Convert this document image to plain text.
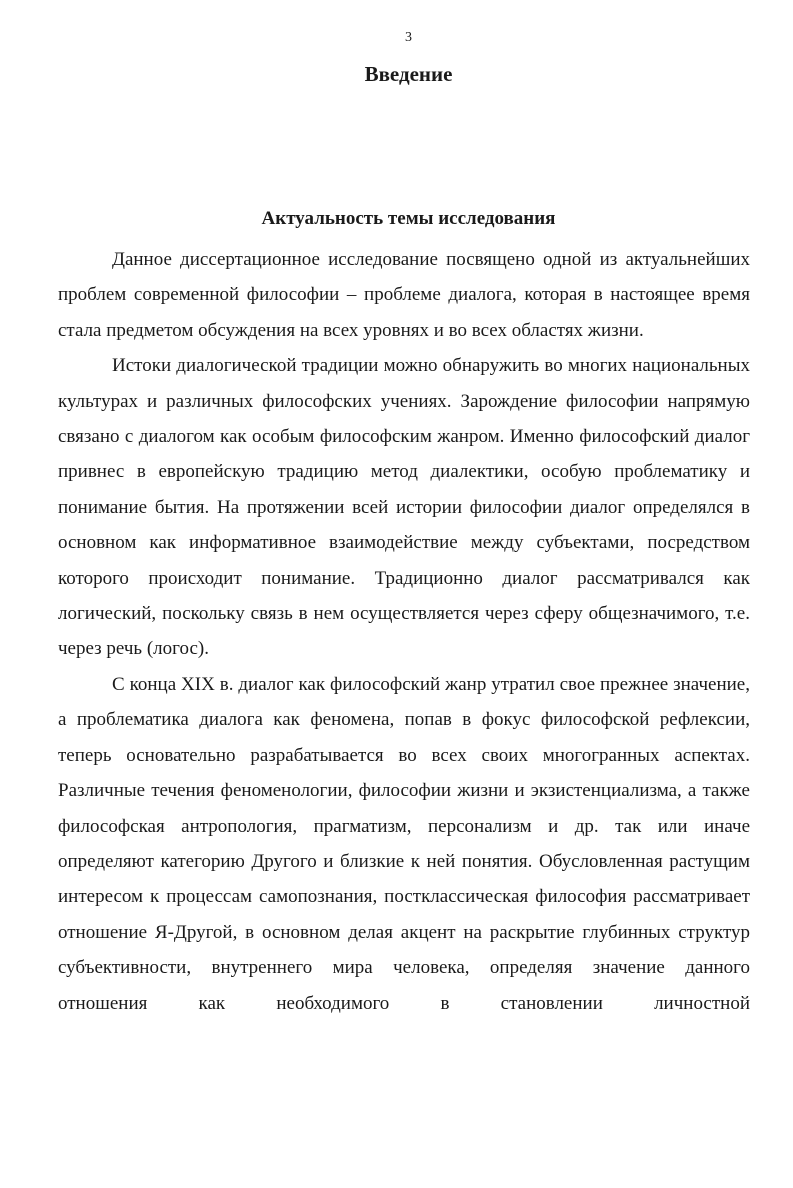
3
Введение
Актуальность темы исследования

Данное диссертационное исследование посвящено одной из актуальнейших проблем современной философии – проблеме диалога, которая в настоящее время стала предметом обсуждения на всех уровнях и во всех областях жизни.

Истоки диалогической традиции можно обнаружить во многих национальных культурах и различных философских учениях. Зарождение философии напрямую связано с диалогом как особым философским жанром. Именно философский диалог привнес в европейскую традицию метод диалектики, особую проблематику и понимание бытия. На протяжении всей истории философии диалог определялся в основном как информативное взаимодействие между субъектами, посредством которого происходит понимание. Традиционно диалог рассматривался как логический, поскольку связь в нем осуществляется через сферу общезначимого, т.е. через речь (логос).

С конца XIX в. диалог как философский жанр утратил свое прежнее значение, а проблематика диалога как феномена, попав в фокус философской рефлексии, теперь основательно разрабатывается во всех своих многогранных аспектах. Различные течения феноменологии, философии жизни и экзистенциализма, а также философская антропология, прагматизм, персонализм и др. так или иначе определяют категорию Другого и близкие к ней понятия. Обусловленная растущим интересом к процессам самопознания, постклассическая философия рассматривает отношение Я-Другой, в основном делая акцент на раскрытие глубинных структур субъективности, внутреннего мира человека, определяя значение данного отношения как необходимого в становлении личностной
